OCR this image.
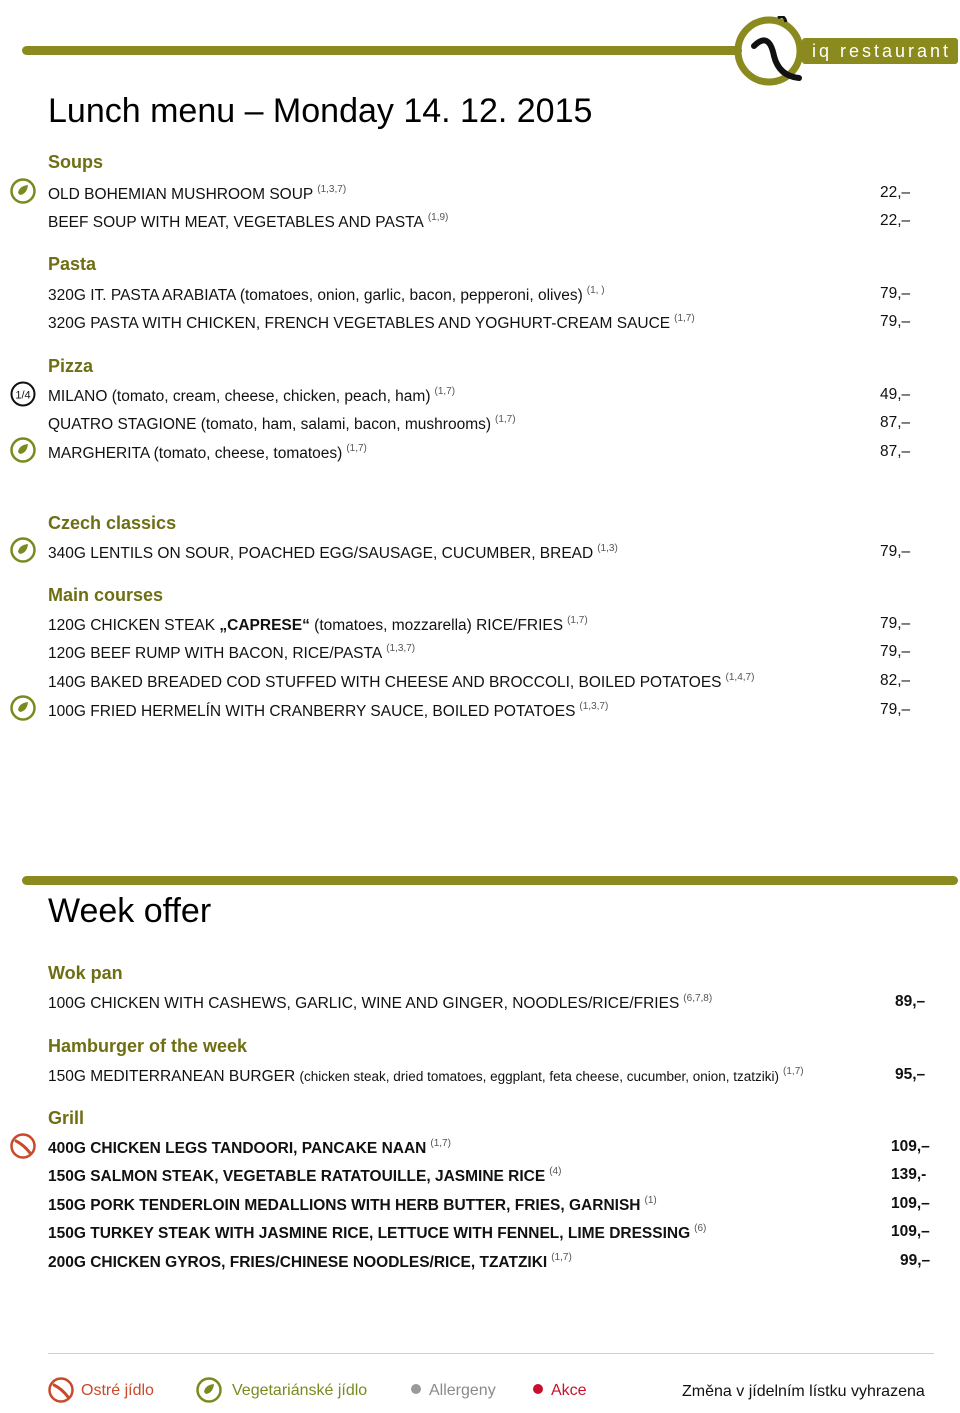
iq restaurant
Lunch menu – Monday 14. 12. 2015
Soups
OLD BOHEMIAN MUSHROOM SOUP $^{(1,3,7)}$	22,–
BEEF SOUP WITH MEAT, VEGETABLES AND PASTA $^{(1,9)}$	22,–
Pasta
320G IT. PASTA ARABIATA (tomatoes, onion, garlic, bacon, pepperoni, olives) $^{(1, )}$	79,–
320G PASTA WITH CHICKEN, FRENCH VEGETABLES AND YOGHURT-CREAM SAUCE $^{(1,7)}$	79,–
Pizza
1/4 MILANO (tomato, cream, cheese, chicken, peach, ham) $^{(1,7)}$	49,–
QUATRO STAGIONE (tomato, ham, salami, bacon, mushrooms) $^{(1,7)}$	87,–
MARGHERITA (tomato, cheese, tomatoes) $^{(1,7)}$	87,–
Czech classics
340G LENTILS ON SOUR, POACHED EGG/SAUSAGE, CUCUMBER, BREAD $^{(1,3)}$	79,–
Main courses
120G CHICKEN STEAK „CAPRESE“ (tomatoes, mozzarella) RICE/FRIES $^{(1,7)}$	79,–
120G BEEF RUMP WITH BACON, RICE/PASTA $^{(1,3,7)}$	79,–
140G BAKED BREADED COD STUFFED WITH CHEESE AND BROCCOLI, BOILED POTATOES $^{(1,4,7)}$	82,–
100G FRIED HERMELÍN WITH CRANBERRY SAUCE, BOILED POTATOES $^{(1,3,7)}$	79,–
Week offer
Wok pan
100G CHICKEN WITH CASHEWS, GARLIC, WINE AND GINGER, NOODLES/RICE/FRIES $^{(6,7,8)}$	89,–
Hamburger of the week
150G MEDITERRANEAN BURGER (chicken steak, dried tomatoes, eggplant, feta cheese, cucumber, onion, tzatziki) $^{(1,7)}$	95,–
Grill
400G CHICKEN LEGS TANDOORI, PANCAKE NAAN $^{(1,7)}$	109,–
150G SALMON STEAK, VEGETABLE RATATOUILLE, JASMINE RICE $^{(4)}$	139,-
150G PORK TENDERLOIN MEDALLIONS WITH HERB BUTTER, FRIES, GARNISH $^{(1)}$	109,–
150G TURKEY STEAK WITH JASMINE RICE, LETTUCE WITH FENNEL, LIME DRESSING $^{(6)}$	109,–
200G CHICKEN GYROS, FRIES/CHINESE NOODLES/RICE, TZATZIKI $^{(1,7)}$	99,–
Ostré jídlo	Vegetariánské jídlo	Allergeny	Akce	Změna v jídelním lístku vyhrazena
